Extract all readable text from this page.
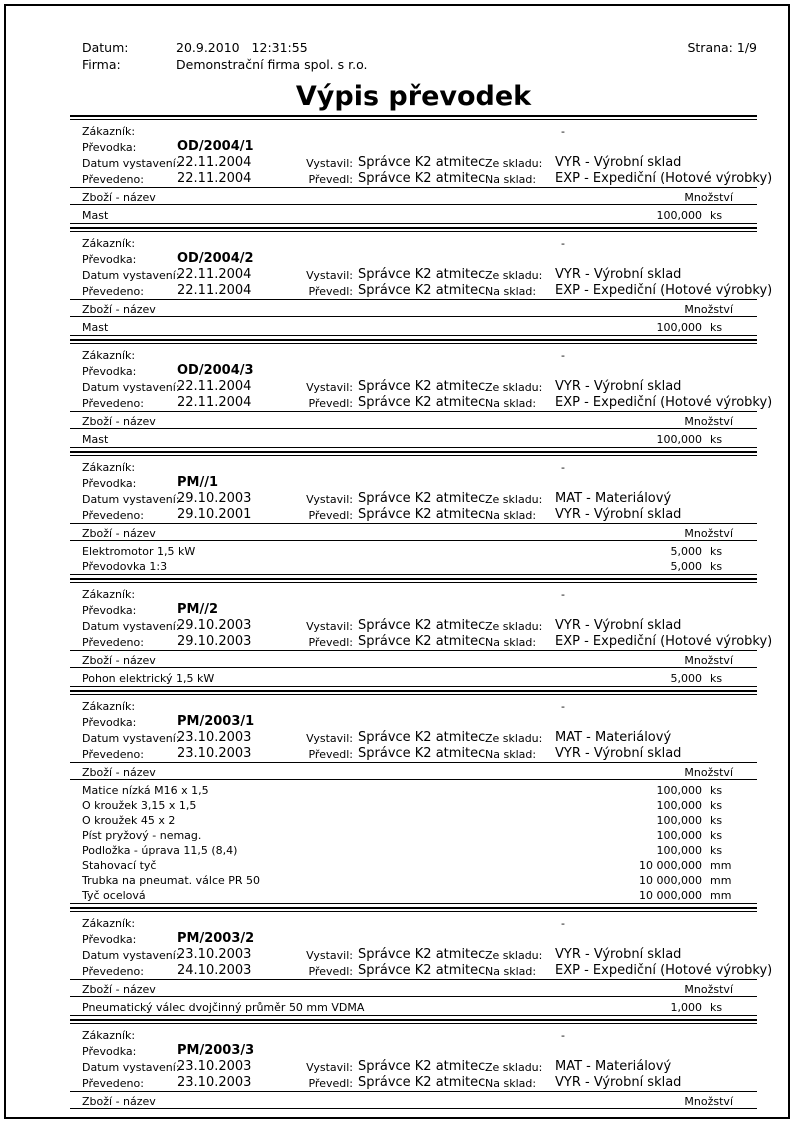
Datum:	20.9.2010   12:31:55	Strana: 1/9
Firma:	Demonstrační firma spol. s r.o.
Výpis převodek
Zákazník:	-
Převodka:	OD/2004/1
Datum vystavení:
22.11.2004	Vystavil: Správce K2 atmitec Ze skladu: VYR - Výrobní sklad
Převedeno:	22.11.2004	Převedl: Správce K2 atmitec Na sklad: EXP - Expediční (Hotové výrobky)
Zboží - název	Množství
Mast	100,000 ks
Zákazník:	-
Převodka:	OD/2004/2
Datum vystavení:
22.11.2004	Vystavil: Správce K2 atmitec Ze skladu: VYR - Výrobní sklad
Převedeno:	22.11.2004	Převedl: Správce K2 atmitec Na sklad: EXP - Expediční (Hotové výrobky)
Zboží - název	Množství
Mast	100,000 ks
Zákazník:	-
Převodka:	OD/2004/3
Datum vystavení:
22.11.2004	Vystavil: Správce K2 atmitec Ze skladu: VYR - Výrobní sklad
Převedeno:	22.11.2004	Převedl: Správce K2 atmitec Na sklad: EXP - Expediční (Hotové výrobky)
Zboží - název	Množství
Mast	100,000 ks
Zákazník:	-
Převodka:	PM//1
Datum vystavení:
29.10.2003	Vystavil: Správce K2 atmitec Ze skladu: MAT - Materiálový
Převedeno:	29.10.2001	Převedl: Správce K2 atmitec Na sklad: VYR - Výrobní sklad
Zboží - název	Množství
Elektromotor 1,5 kW	5,000 ks
Převodovka 1:3	5,000 ks
Zákazník:	-
Převodka:	PM//2
Datum vystavení:
29.10.2003	Vystavil: Správce K2 atmitec Ze skladu: VYR - Výrobní sklad
Převedeno:	29.10.2003	Převedl: Správce K2 atmitec Na sklad: EXP - Expediční (Hotové výrobky)
Zboží - název	Množství
Pohon elektrický 1,5 kW	5,000 ks
Zákazník:	-
Převodka:	PM/2003/1
Datum vystavení:
23.10.2003	Vystavil: Správce K2 atmitec Ze skladu: MAT - Materiálový
Převedeno:	23.10.2003	Převedl: Správce K2 atmitec Na sklad: VYR - Výrobní sklad
Zboží - název	Množství
Matice nízká M16 x 1,5	100,000 ks
O kroužek 3,15 x 1,5	100,000 ks
O kroužek 45 x 2	100,000 ks
Píst pryžový - nemag.	100,000 ks
Podložka - úprava 11,5 (8,4)	100,000 ks
Stahovací tyč	10 000,000 mm
Trubka na pneumat. válce PR 50	10 000,000 mm
Tyč ocelová	10 000,000 mm
Zákazník:	-
Převodka:	PM/2003/2
Datum vystavení:
23.10.2003	Vystavil: Správce K2 atmitec Ze skladu: VYR - Výrobní sklad
Převedeno:	24.10.2003	Převedl: Správce K2 atmitec Na sklad: EXP - Expediční (Hotové výrobky)
Zboží - název	Množství
Pneumatický válec dvojčinný průměr 50 mm VDMA	1,000 ks
Zákazník:	-
Převodka:	PM/2003/3
Datum vystavení:
23.10.2003	Vystavil: Správce K2 atmitec Ze skladu: MAT - Materiálový
Převedeno:	23.10.2003	Převedl: Správce K2 atmitec Na sklad: VYR - Výrobní sklad
Zboží - název	Množství
